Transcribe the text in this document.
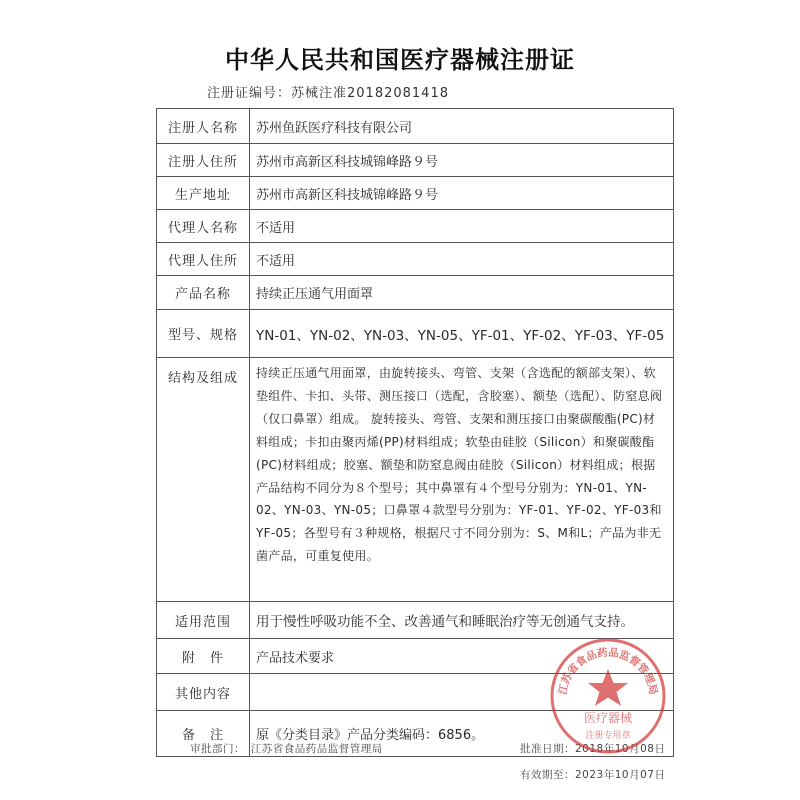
中华人民共和国医疗器械注册证
注册证编号：苏械注准20182081418
注册人名称	苏州鱼跃医疗科技有限公司
注册人住所	苏州市高新区科技城锦峰路９号
生产地址	苏州市高新区科技城锦峰路９号
代理人名称	不适用
代理人住所	不适用
产品名称	持续正压通气用面罩
型号、规格	YN-01、YN-02、YN-03、YN-05、YF-01、YF-02、YF-03、YF-05
结构及组成	持续正压通气用面罩，由旋转接头、弯管、支架（含选配的额部支架）、软垫组件、卡扣、头带、测压接口（选配，含胶塞）、额垫（选配）、防窒息阀（仅口鼻罩）组成。 旋转接头、弯管、支架和测压接口由聚碳酸酯(PC)材料组成；卡扣由聚丙烯(PP)材料组成；软垫由硅胶（Silicon）和聚碳酸酯(PC)材料组成；胶塞、额垫和防窒息阀由硅胶（Silicon）材料组成；根据产品结构不同分为８个型号；其中鼻罩有４个型号分别为：YN-01、YN-02、YN-03、YN-05；口鼻罩４款型号分别为：YF-01、YF-02、YF-03和YF-05；各型号有３种规格，根据尺寸不同分别为：S、M和L；产品为非无菌产品，可重复使用。
适用范围	用于慢性呼吸功能不全、改善通气和睡眠治疗等无创通气支持。
附　件	产品技术要求
其他内容	
备　注	原《分类目录》产品分类编码：6856。
审批部门：　江苏省食品药品监督管理局	批准日期：2018年10月08日
有效期至：2023年10月07日
江苏省食品药品监督管理局
医疗器械
注册专用章
